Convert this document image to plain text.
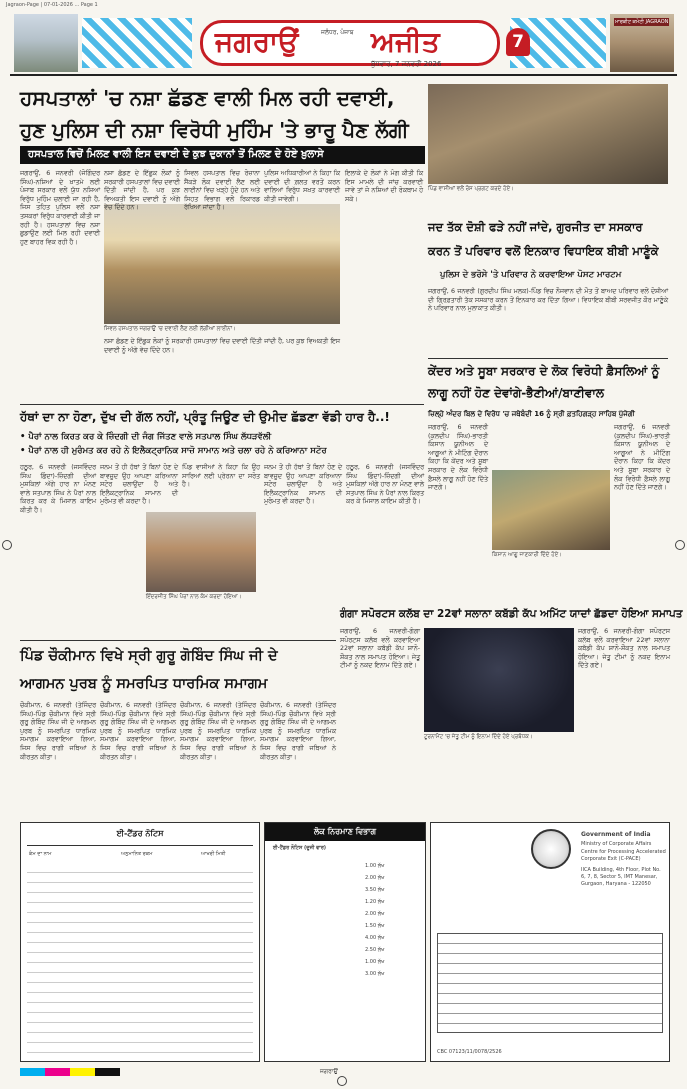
Jagraon-Page | 07-01-2026 ... Page 1
ਮਾਰਕੀਟ ਕਮੇਟੀ JAGRAON
ਜਗਰਾਉਂ	ਜਲੰਧਰ, ਪੰਜਾਬ ਅਜੀਤ
ਬੁੱਧਵਾਰ, 7 ਜਨਵਰੀ 2026
7
ਹਸਪਤਾਲਾਂ 'ਚ ਨਸ਼ਾ ਛੱਡਣ ਵਾਲੀ ਮਿਲ ਰਹੀ ਦਵਾਈ,
ਹੁਣ ਪੁਲਿਸ ਦੀ ਨਸ਼ਾ ਵਿਰੋਧੀ ਮੁਹਿੰਮ 'ਤੇ ਭਾਰੂ ਪੈਣ ਲੱਗੀ
ਹਸਪਤਾਲ ਵਿਚੋਂ ਮਿਲਣ ਵਾਲੀ ਇਸ ਦਵਾਈ ਦੇ ਕੁਝ ਦੁਕਾਨਾਂ ਤੋਂ ਮਿਲਣ ਦੇ ਹੋਏ ਖ਼ੁਲਾਸੇ
ਜਗਰਾਉਂ, 6 ਜਨਵਰੀ (ਜੋਗਿੰਦਰ ਸਿੰਘ)-ਨਸ਼ਿਆਂ ਦੇ ਖ਼ਾਤਮੇ ਲਈ ਪੰਜਾਬ ਸਰਕਾਰ ਵਲੋਂ ਯੁੱਧ ਨਸ਼ਿਆਂ ਵਿਰੁੱਧ ਮੁਹਿੰਮ ਚਲਾਈ ਜਾ ਰਹੀ ਹੈ, ਜਿਸ ਤਹਿਤ ਪੁਲਿਸ ਵਲੋਂ ਨਸ਼ਾ ਤਸਕਰਾਂ ਵਿਰੁੱਧ ਕਾਰਵਾਈ ਕੀਤੀ ਜਾ ਰਹੀ ਹੈ। ਹਸਪਤਾਲਾਂ ਵਿਚ ਨਸ਼ਾ ਛੁਡਾਉਣ ਲਈ ਮਿਲ ਰਹੀ ਦਵਾਈ ਹੁਣ ਬਾਹਰ ਵਿਕ ਰਹੀ ਹੈ।
ਸਿਵਲ ਹਸਪਤਾਲ ਜਗਰਾਉਂ 'ਚ ਦਵਾਈ ਲੈਣ ਲਈ ਲੱਗੀਆਂ ਲਾਈਨਾਂ।
ਨਸ਼ਾ ਛੱਡਣ ਦੇ ਇੱਛੁਕ ਲੋਕਾਂ ਨੂੰ ਸਰਕਾਰੀ ਹਸਪਤਾਲਾਂ ਵਿਚ ਦਵਾਈ ਦਿੱਤੀ ਜਾਂਦੀ ਹੈ, ਪਰ ਕੁਝ ਵਿਅਕਤੀ ਇਸ ਦਵਾਈ ਨੂੰ ਅੱਗੇ ਵੇਚ ਦਿੰਦੇ ਹਨ।
ਸਿਵਲ ਹਸਪਤਾਲ ਵਿਚ ਰੋਜ਼ਾਨਾ ਸੈਂਕੜੇ ਲੋਕ ਦਵਾਈ ਲੈਣ ਲਈ ਲਾਈਨਾਂ ਵਿਚ ਖੜ੍ਹੇ ਹੁੰਦੇ ਹਨ ਅਤੇ ਸਿਹਤ ਵਿਭਾਗ ਵਲੋਂ ਰਿਕਾਰਡ ਰੱਖਿਆ ਜਾਂਦਾ ਹੈ।
ਪੁਲਿਸ ਅਧਿਕਾਰੀਆਂ ਨੇ ਕਿਹਾ ਕਿ ਦਵਾਈ ਦੀ ਗ਼ਲਤ ਵਰਤੋਂ ਕਰਨ ਵਾਲਿਆਂ ਵਿਰੁੱਧ ਸਖ਼ਤ ਕਾਰਵਾਈ ਕੀਤੀ ਜਾਵੇਗੀ।
ਇਲਾਕੇ ਦੇ ਲੋਕਾਂ ਨੇ ਮੰਗ ਕੀਤੀ ਕਿ ਇਸ ਮਾਮਲੇ ਦੀ ਜਾਂਚ ਕਰਵਾਈ ਜਾਵੇ ਤਾਂ ਜੋ ਨਸ਼ਿਆਂ ਦੀ ਰੋਕਥਾਮ ਹੋ ਸਕੇ।
ਨਸ਼ਾ ਛੱਡਣ ਦੇ ਇੱਛੁਕ ਲੋਕਾਂ ਨੂੰ ਸਰਕਾਰੀ ਹਸਪਤਾਲਾਂ ਵਿਚ ਦਵਾਈ ਦਿੱਤੀ ਜਾਂਦੀ ਹੈ, ਪਰ ਕੁਝ ਵਿਅਕਤੀ ਇਸ ਦਵਾਈ ਨੂੰ ਅੱਗੇ ਵੇਚ ਦਿੰਦੇ ਹਨ।
ਪਿੰਡ ਵਾਸੀਆਂ ਵਲੋਂ ਰੋਸ ਪ੍ਰਗਟ ਕਰਦੇ ਹੋਏ।
ਜਦ ਤੱਕ ਦੋਸ਼ੀ ਫੜੇ ਨਹੀਂ ਜਾਂਦੇ, ਗੁਰਜੀਤ ਦਾ ਸਸਕਾਰ
ਕਰਨ ਤੋਂ ਪਰਿਵਾਰ ਵਲੋਂ ਇਨਕਾਰ ਵਿਧਾਇਕ ਬੀਬੀ ਮਾਣੂੰਕੇ
ਪੁਲਿਸ ਦੇ ਭਰੋਸੇ 'ਤੇ ਪਰਿਵਾਰ ਨੇ ਕਰਵਾਇਆ ਪੋਸਟ ਮਾਰਟਮ
ਜਗਰਾਉਂ, 6 ਜਨਵਰੀ (ਗੁਰਦੀਪ ਸਿੰਘ ਮਲਕ)-ਪਿੰਡ ਵਿਚ ਨੌਜਵਾਨ ਦੀ ਮੌਤ ਤੋਂ ਬਾਅਦ ਪਰਿਵਾਰ ਵਲੋਂ ਦੋਸ਼ੀਆਂ ਦੀ ਗ੍ਰਿਫ਼ਤਾਰੀ ਤੱਕ ਸਸਕਾਰ ਕਰਨ ਤੋਂ ਇਨਕਾਰ ਕਰ ਦਿੱਤਾ ਗਿਆ। ਵਿਧਾਇਕ ਬੀਬੀ ਸਰਵਜੀਤ ਕੌਰ ਮਾਣੂੰਕੇ ਨੇ ਪਰਿਵਾਰ ਨਾਲ ਮੁਲਾਕਾਤ ਕੀਤੀ।
ਕੇਂਦਰ ਅਤੇ ਸੂਬਾ ਸਰਕਾਰ ਦੇ ਲੋਕ ਵਿਰੋਧੀ ਫ਼ੈਸਲਿਆਂ ਨੂੰ
ਲਾਗੂ ਨਹੀਂ ਹੋਣ ਦੇਵਾਂਗੇ-ਭੈਣੀਆਂ/ਬਾਣੀਵਾਲ
ਜ਼ਿਲ੍ਹੇ ਅੰਦਰ ਬਿਲ ਦੇ ਵਿਰੋਧ 'ਚ ਜਥੇਬੰਦੀ 16 ਨੂੰ ਸ੍ਰੀ ਫ਼ਤਹਿਗੜ੍ਹ ਸਾਹਿਬ ਪੁੱਜੇਗੀ
ਜਗਰਾਉਂ, 6 ਜਨਵਰੀ (ਕੁਲਦੀਪ ਸਿੰਘ)-ਭਾਰਤੀ ਕਿਸਾਨ ਯੂਨੀਅਨ ਦੇ ਆਗੂਆਂ ਨੇ ਮੀਟਿੰਗ ਦੌਰਾਨ ਕਿਹਾ ਕਿ ਕੇਂਦਰ ਅਤੇ ਸੂਬਾ ਸਰਕਾਰ ਦੇ ਲੋਕ ਵਿਰੋਧੀ ਫ਼ੈਸਲੇ ਲਾਗੂ ਨਹੀਂ ਹੋਣ ਦਿੱਤੇ ਜਾਣਗੇ।
ਕਿਸਾਨ ਆਗੂ ਜਾਣਕਾਰੀ ਦਿੰਦੇ ਹੋਏ।
ਜਗਰਾਉਂ, 6 ਜਨਵਰੀ (ਕੁਲਦੀਪ ਸਿੰਘ)-ਭਾਰਤੀ ਕਿਸਾਨ ਯੂਨੀਅਨ ਦੇ ਆਗੂਆਂ ਨੇ ਮੀਟਿੰਗ ਦੌਰਾਨ ਕਿਹਾ ਕਿ ਕੇਂਦਰ ਅਤੇ ਸੂਬਾ ਸਰਕਾਰ ਦੇ ਲੋਕ ਵਿਰੋਧੀ ਫ਼ੈਸਲੇ ਲਾਗੂ ਨਹੀਂ ਹੋਣ ਦਿੱਤੇ ਜਾਣਗੇ।
ਹੱਥਾਂ ਦਾ ਨਾ ਹੋਣਾ, ਦੁੱਖ ਦੀ ਗੱਲ ਨਹੀਂ, ਪ੍ਰੰਤੂ ਜਿਊਣ ਦੀ ਉਮੀਦ ਛੱਡਣਾ ਵੱਡੀ ਹਾਰ ਹੈ..!
• ਪੈਰਾਂ ਨਾਲ ਕਿਰਤ ਕਰ ਕੇ ਜ਼ਿੰਦਗੀ ਦੀ ਜੰਗ ਜਿੱਤਣ ਵਾਲੇ ਸਤਪਾਲ ਸਿੰਘ ਲੱਧੜਵੱਲੀ
• ਪੈਰਾਂ ਨਾਲ ਹੀ ਮੁਰੰਮਤ ਕਰ ਰਹੇ ਨੇ ਇਲੈਕਟ੍ਰਾਨਿਕ ਸਾਜ਼ੋ ਸਾਮਾਨ ਅਤੇ ਚਲਾ ਰਹੇ ਨੇ ਕਰਿਆਨਾ ਸਟੋਰ
ਹਠੂਰ, 6 ਜਨਵਰੀ (ਜਸਵਿੰਦਰ ਸਿੰਘ ਛਿੰਦਾ)-ਜ਼ਿੰਦਗੀ ਦੀਆਂ ਮੁਸ਼ਕਿਲਾਂ ਅੱਗੇ ਹਾਰ ਨਾ ਮੰਨਣ ਵਾਲੇ ਸਤਪਾਲ ਸਿੰਘ ਨੇ ਪੈਰਾਂ ਨਾਲ ਕਿਰਤ ਕਰ ਕੇ ਮਿਸਾਲ ਕਾਇਮ ਕੀਤੀ ਹੈ।
ਜਨਮ ਤੋਂ ਹੀ ਹੱਥਾਂ ਤੋਂ ਬਿਨਾਂ ਹੋਣ ਦੇ ਬਾਵਜੂਦ ਉਹ ਆਪਣਾ ਕਰਿਆਨਾ ਸਟੋਰ ਚਲਾਉਂਦਾ ਹੈ ਅਤੇ ਇਲੈਕਟ੍ਰਾਨਿਕ ਸਾਮਾਨ ਦੀ ਮੁਰੰਮਤ ਵੀ ਕਰਦਾ ਹੈ।
ਇੰਦਰਜੀਤ ਸਿੰਘ ਪੈਰਾਂ ਨਾਲ ਕੰਮ ਕਰਦਾ ਹੋਇਆ।
ਪਿੰਡ ਵਾਸੀਆਂ ਨੇ ਕਿਹਾ ਕਿ ਉਹ ਸਾਰਿਆਂ ਲਈ ਪ੍ਰੇਰਨਾ ਦਾ ਸਰੋਤ ਹੈ।
ਜਨਮ ਤੋਂ ਹੀ ਹੱਥਾਂ ਤੋਂ ਬਿਨਾਂ ਹੋਣ ਦੇ ਬਾਵਜੂਦ ਉਹ ਆਪਣਾ ਕਰਿਆਨਾ ਸਟੋਰ ਚਲਾਉਂਦਾ ਹੈ ਅਤੇ ਇਲੈਕਟ੍ਰਾਨਿਕ ਸਾਮਾਨ ਦੀ ਮੁਰੰਮਤ ਵੀ ਕਰਦਾ ਹੈ।
ਹਠੂਰ, 6 ਜਨਵਰੀ (ਜਸਵਿੰਦਰ ਸਿੰਘ ਛਿੰਦਾ)-ਜ਼ਿੰਦਗੀ ਦੀਆਂ ਮੁਸ਼ਕਿਲਾਂ ਅੱਗੇ ਹਾਰ ਨਾ ਮੰਨਣ ਵਾਲੇ ਸਤਪਾਲ ਸਿੰਘ ਨੇ ਪੈਰਾਂ ਨਾਲ ਕਿਰਤ ਕਰ ਕੇ ਮਿਸਾਲ ਕਾਇਮ ਕੀਤੀ ਹੈ।
ਗੰਗਾ ਸਪੋਰਟਸ ਕਲੱਬ ਦਾ 22ਵਾਂ ਸਲਾਨਾ ਕਬੱਡੀ ਕੱਪ ਅਮਿੱਟ ਯਾਦਾਂ ਛੱਡਦਾ ਹੋਇਆ ਸਮਾਪਤ
ਜਗਰਾਉਂ, 6 ਜਨਵਰੀ-ਗੰਗਾ ਸਪੋਰਟਸ ਕਲੱਬ ਵਲੋਂ ਕਰਵਾਇਆ 22ਵਾਂ ਸਲਾਨਾ ਕਬੱਡੀ ਕੱਪ ਸ਼ਾਨੋ-ਸ਼ੌਕਤ ਨਾਲ ਸਮਾਪਤ ਹੋਇਆ। ਜੇਤੂ ਟੀਮਾਂ ਨੂੰ ਨਕਦ ਇਨਾਮ ਦਿੱਤੇ ਗਏ।
ਟੂਰਨਾਮੈਂਟ 'ਚ ਜੇਤੂ ਟੀਮ ਨੂੰ ਇਨਾਮ ਦਿੰਦੇ ਹੋਏ ਪ੍ਰਬੰਧਕ।
ਜਗਰਾਉਂ, 6 ਜਨਵਰੀ-ਗੰਗਾ ਸਪੋਰਟਸ ਕਲੱਬ ਵਲੋਂ ਕਰਵਾਇਆ 22ਵਾਂ ਸਲਾਨਾ ਕਬੱਡੀ ਕੱਪ ਸ਼ਾਨੋ-ਸ਼ੌਕਤ ਨਾਲ ਸਮਾਪਤ ਹੋਇਆ। ਜੇਤੂ ਟੀਮਾਂ ਨੂੰ ਨਕਦ ਇਨਾਮ ਦਿੱਤੇ ਗਏ।
ਪਿੰਡ ਚੌਕੀਮਾਨ ਵਿਖੇ ਸ੍ਰੀ ਗੁਰੂ ਗੋਬਿੰਦ ਸਿੰਘ ਜੀ ਦੇ
ਆਗਮਨ ਪੁਰਬ ਨੂੰ ਸਮਰਪਿਤ ਧਾਰਮਿਕ ਸਮਾਗਮ
ਚੌਕੀਮਾਨ, 6 ਜਨਵਰੀ (ਤੇਜਿੰਦਰ ਸਿੰਘ)-ਪਿੰਡ ਚੌਕੀਮਾਨ ਵਿਖੇ ਸ੍ਰੀ ਗੁਰੂ ਗੋਬਿੰਦ ਸਿੰਘ ਜੀ ਦੇ ਆਗਮਨ ਪੁਰਬ ਨੂੰ ਸਮਰਪਿਤ ਧਾਰਮਿਕ ਸਮਾਗਮ ਕਰਵਾਇਆ ਗਿਆ, ਜਿਸ ਵਿਚ ਰਾਗੀ ਜਥਿਆਂ ਨੇ ਕੀਰਤਨ ਕੀਤਾ।
ਚੌਕੀਮਾਨ, 6 ਜਨਵਰੀ (ਤੇਜਿੰਦਰ ਸਿੰਘ)-ਪਿੰਡ ਚੌਕੀਮਾਨ ਵਿਖੇ ਸ੍ਰੀ ਗੁਰੂ ਗੋਬਿੰਦ ਸਿੰਘ ਜੀ ਦੇ ਆਗਮਨ ਪੁਰਬ ਨੂੰ ਸਮਰਪਿਤ ਧਾਰਮਿਕ ਸਮਾਗਮ ਕਰਵਾਇਆ ਗਿਆ, ਜਿਸ ਵਿਚ ਰਾਗੀ ਜਥਿਆਂ ਨੇ ਕੀਰਤਨ ਕੀਤਾ।
ਚੌਕੀਮਾਨ, 6 ਜਨਵਰੀ (ਤੇਜਿੰਦਰ ਸਿੰਘ)-ਪਿੰਡ ਚੌਕੀਮਾਨ ਵਿਖੇ ਸ੍ਰੀ ਗੁਰੂ ਗੋਬਿੰਦ ਸਿੰਘ ਜੀ ਦੇ ਆਗਮਨ ਪੁਰਬ ਨੂੰ ਸਮਰਪਿਤ ਧਾਰਮਿਕ ਸਮਾਗਮ ਕਰਵਾਇਆ ਗਿਆ, ਜਿਸ ਵਿਚ ਰਾਗੀ ਜਥਿਆਂ ਨੇ ਕੀਰਤਨ ਕੀਤਾ।
ਚੌਕੀਮਾਨ, 6 ਜਨਵਰੀ (ਤੇਜਿੰਦਰ ਸਿੰਘ)-ਪਿੰਡ ਚੌਕੀਮਾਨ ਵਿਖੇ ਸ੍ਰੀ ਗੁਰੂ ਗੋਬਿੰਦ ਸਿੰਘ ਜੀ ਦੇ ਆਗਮਨ ਪੁਰਬ ਨੂੰ ਸਮਰਪਿਤ ਧਾਰਮਿਕ ਸਮਾਗਮ ਕਰਵਾਇਆ ਗਿਆ, ਜਿਸ ਵਿਚ ਰਾਗੀ ਜਥਿਆਂ ਨੇ ਕੀਰਤਨ ਕੀਤਾ।
ਈ-ਟੈਂਡਰ ਨੋਟਿਸ
ਕੰਮ ਦਾ ਨਾਮ	ਅਨੁਮਾਨਿਤ ਰਕਮ	ਆਖਰੀ ਮਿਤੀ
ਲੋਕ ਨਿਰਮਾਣ ਵਿਭਾਗ
ਈ-ਟੈਂਡਰ ਨੋਟਿਸ (ਦੂਜੀ ਵਾਰ)
1.00 ਲੱਖ
2.00 ਲੱਖ
3.50 ਲੱਖ
1.20 ਲੱਖ
2.00 ਲੱਖ
1.50 ਲੱਖ
4.00 ਲੱਖ
2.50 ਲੱਖ
1.00 ਲੱਖ
3.00 ਲੱਖ
Government of India
Ministry of Corporate Affairs
Centre for Processing Accelerated Corporate Exit (C-PACE)
IICA Building, 4th Floor, Plot No. 6, 7, 8, Sector 5, IMT Manesar, Gurgaon, Haryana - 122050
CBC 07123/11/0078/2526
ਜਗਰਾਉਂ
